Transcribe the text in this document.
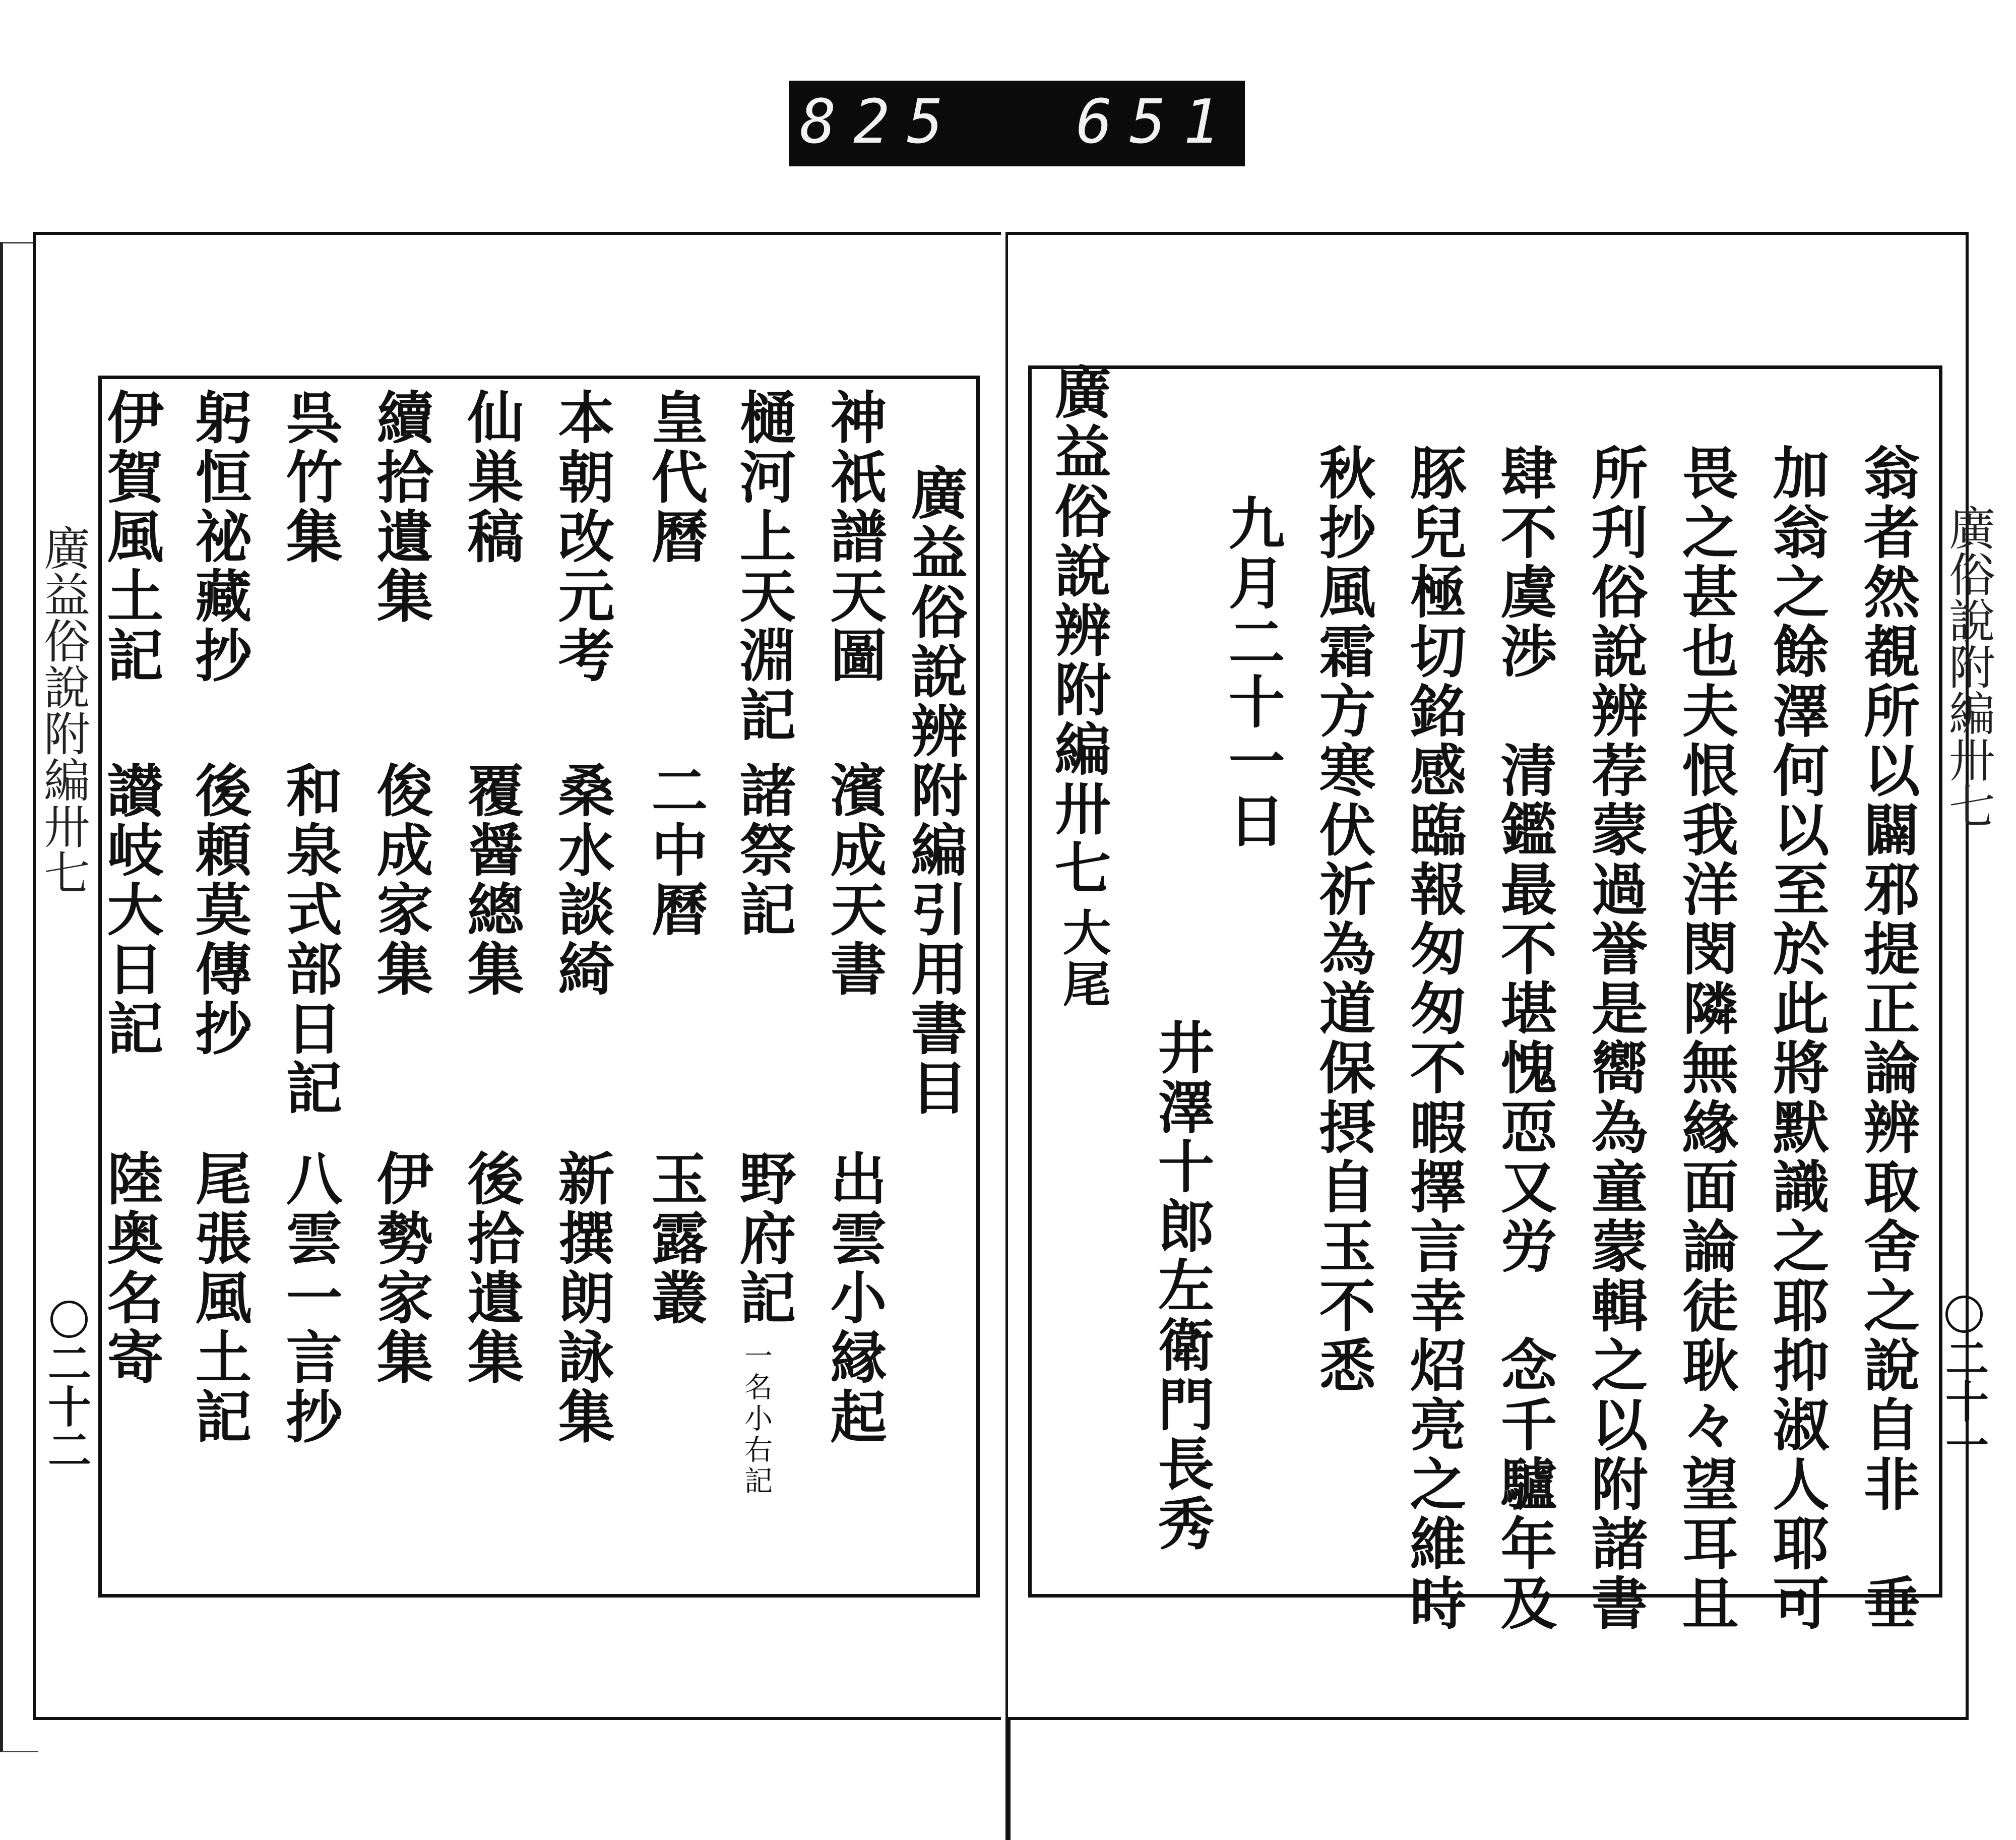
825 651
廣益俗說辨附編引用書目
神祇譜天圖
樋河上天淵記
皇代曆
本朝改元考
仙巣稿
續拾遺集
呉竹集
躬恒祕藏抄
伊賀風土記
濱成天書
諸祭記
二中曆
桑水談綺
覆醤總集
俊成家集
和泉式部日記
後頼莫傳抄
讃岐大日記
出雲小縁起
野府記
一名小右記
玉露叢
新撰朗詠集
後拾遺集
伊勢家集
八雲一言抄
尾張風土記
陸奥名寄
廣益俗說附編卅七
二十二	翁者然覩所以闢邪提正論辨取舍之說自非　垂
加翁之餘澤何以至於此將默識之耶抑淑人耶可
畏之甚也夫恨我洋閔隣無緣面論徒耿々望耳且
所刋俗說辨荐蒙過誉是嚮為童蒙輯之以附諸書
肆不虞渉　清鑑最不堪愧恧又労　念千驢年及
豚兒極切銘感臨報匆匆不暇擇言幸炤亮之維時
秋抄風霜方寒伏祈為道保摂自玉不悉
九月二十一日
井澤十郎左衛門長秀
廣益俗說辨附編卅七
大尾
廣俗說附編卅七
二十一
